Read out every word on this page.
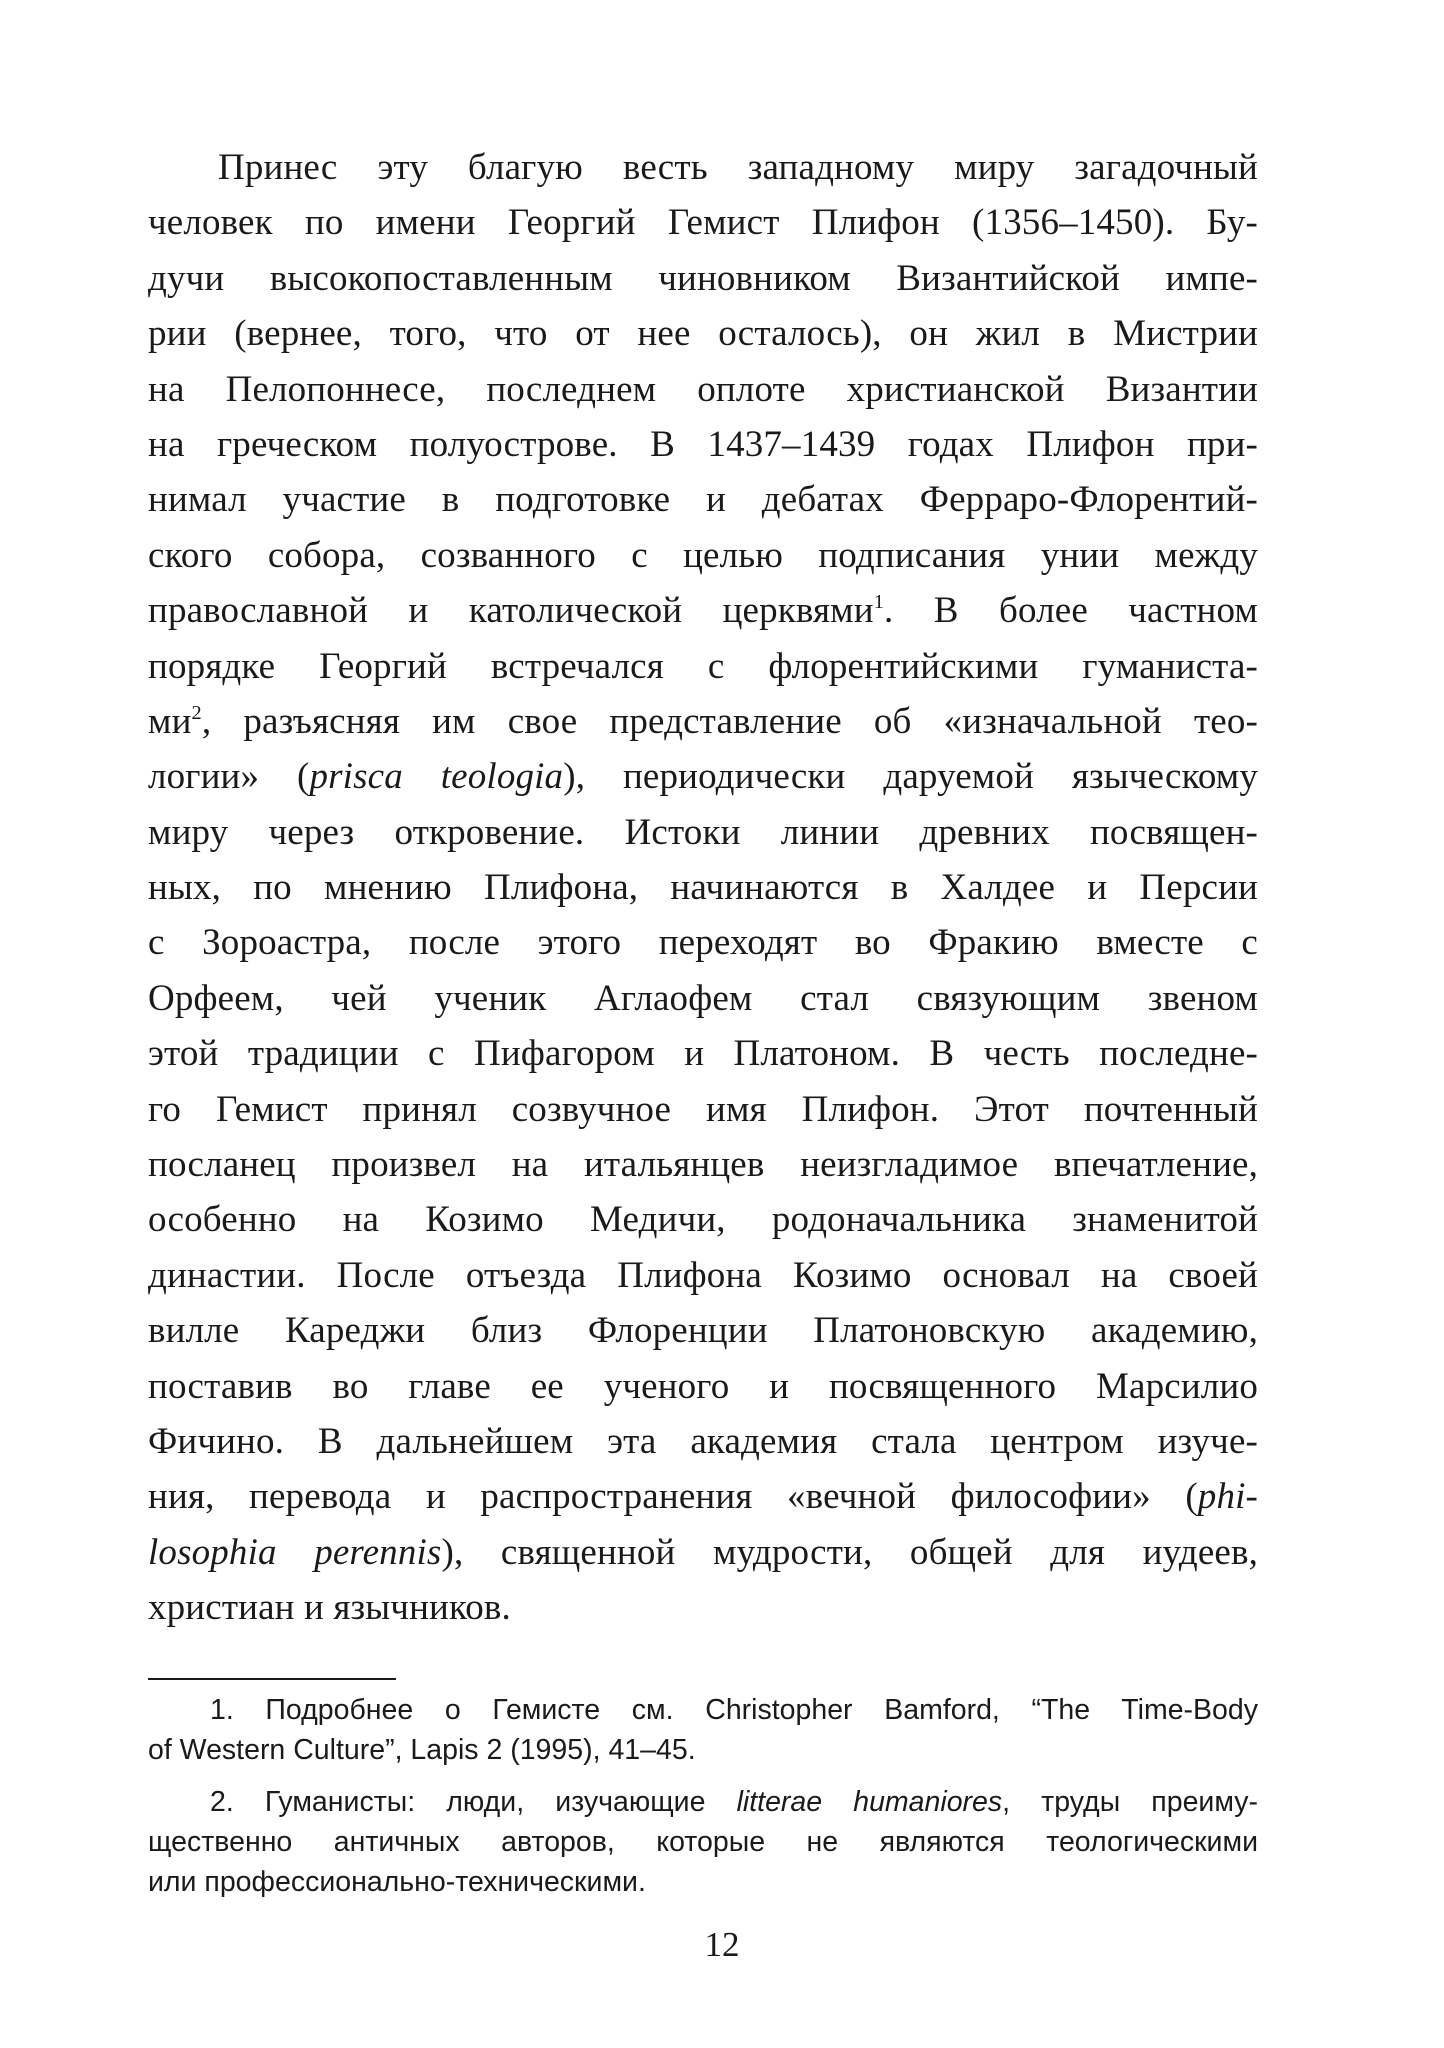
Принес эту благую весть западному миру загадочный
человек по имени Георгий Гемист Плифон (1356–1450). Бу-
дучи высокопоставленным чиновником Византийской импе-
рии (вернее, того, что от нее осталось), он жил в Мистрии
на Пелопоннесе, последнем оплоте христианской Византии
на греческом полуострове. В 1437–1439 годах Плифон при-
нимал участие в подготовке и дебатах Ферраро-Флорентий-
ского собора, созванного с целью подписания унии между
православной и католической церквями$^1$. В более частном
порядке Георгий встречался с флорентийскими гуманиста-
$ми^2$, разъясняя им свое представление об «изначальной тео-
логии» (prisca teologia), периодически даруемой языческому
миру через откровение. Истоки линии древних посвящен-
ных, по мнению Плифона, начинаются в Халдее и Персии
с Зороастра, после этого переходят во Фракию вместе с
Орфеем, чей ученик Аглаофем стал связующим звеном
этой традиции с Пифагором и Платоном. В честь последне-
го Гемист принял созвучное имя Плифон. Этот почтенный
посланец произвел на итальянцев неизгладимое впечатление,
особенно на Козимо Медичи, родоначальника знаменитой
династии. После отъезда Плифона Козимо основал на своей
вилле Кареджи близ Флоренции Платоновскую академию,
поставив во главе ее ученого и посвященного Марсилио
Фичино. В дальнейшем эта академия стала центром изуче-
ния, перевода и распространения «вечной философии» (phi-
losophia perennis), священной мудрости, общей для иудеев,
христиан и язычников.
1. Подробнее о Гемисте см. Christopher Bamford, “The Time-Body
of Western Culture”, Lapis 2 (1995), 41–45.
2. Гуманисты: люди, изучающие litterae humaniores, труды преиму-
щественно античных авторов, которые не являются теологическими
или профессионально-техническими.
12
